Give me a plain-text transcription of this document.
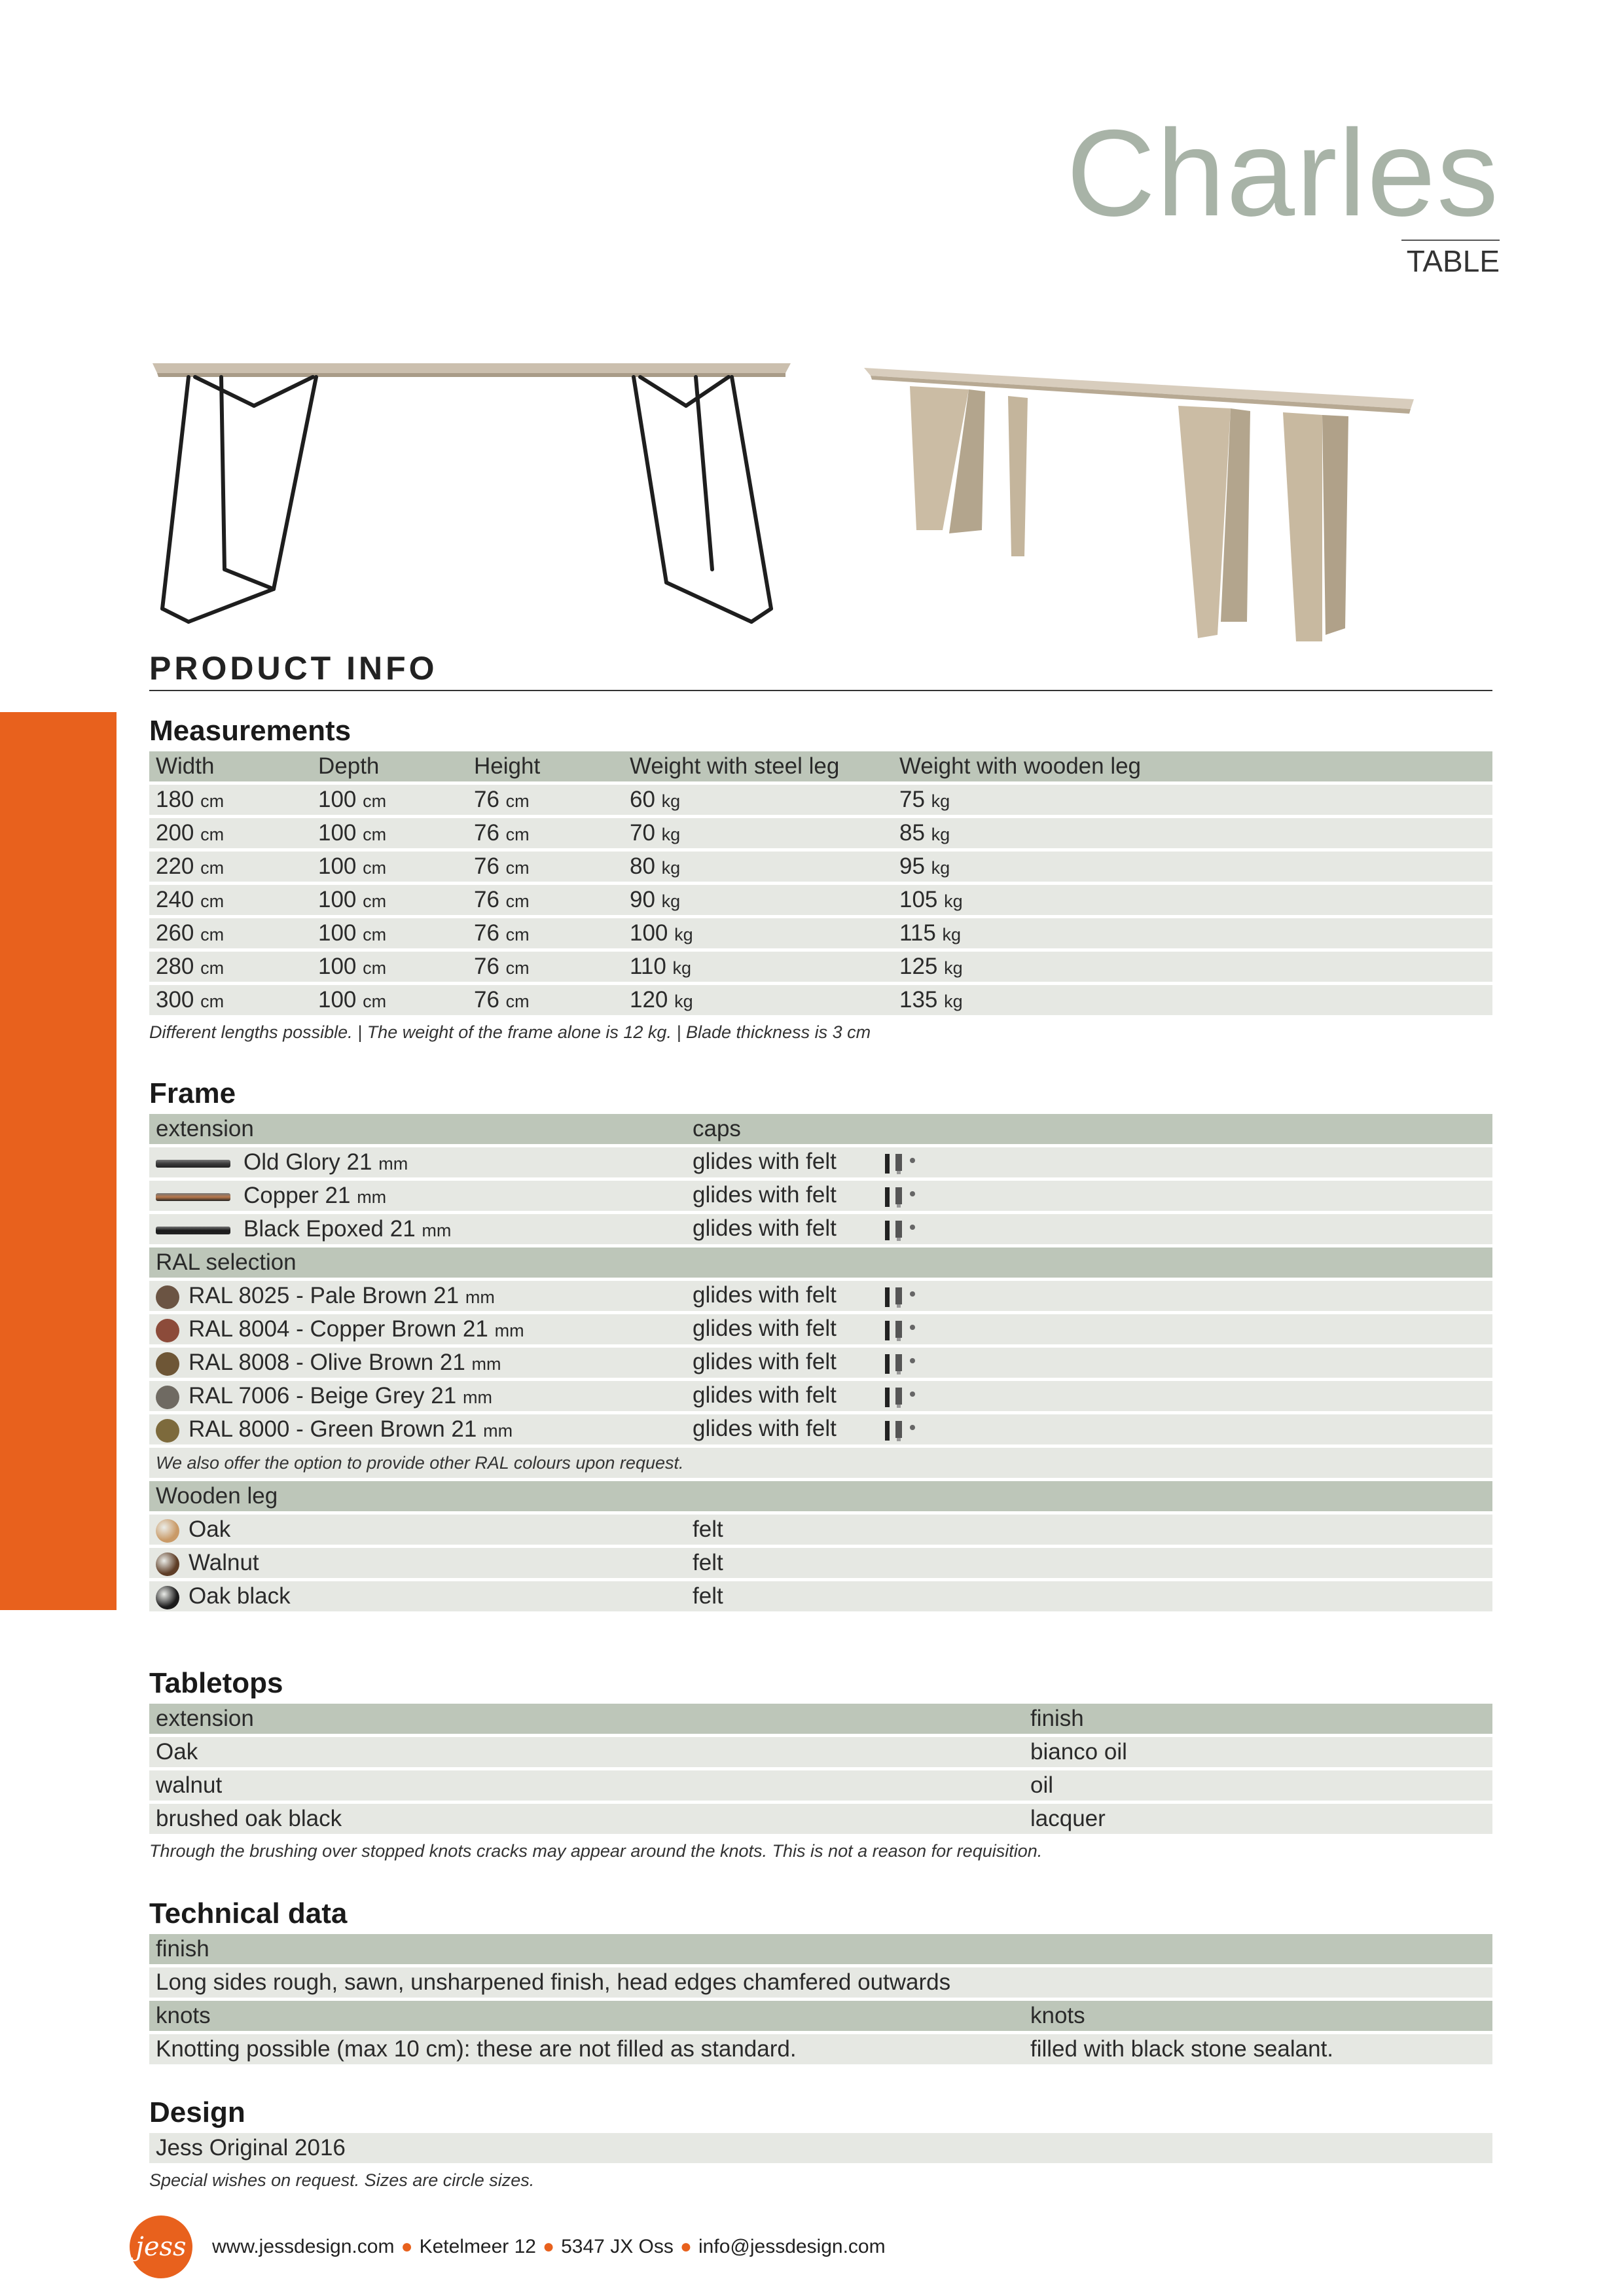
Charles
TABLE
PRODUCT INFO
Measurements
Width	Depth	Height	Weight with steel leg	Weight with wooden leg
180 cm	100 cm	76 cm	60 kg	75 kg
200 cm	100 cm	76 cm	70 kg	85 kg
220 cm	100 cm	76 cm	80 kg	95 kg
240 cm	100 cm	76 cm	90 kg	105 kg
260 cm	100 cm	76 cm	100 kg	115 kg
280 cm	100 cm	76 cm	110 kg	125 kg
300 cm	100 cm	76 cm	120 kg	135 kg
Different lengths possible. | The weight of the frame alone is 12 kg. | Blade thickness is 3 cm
Frame
extension	caps
Old Glory 21 mm	glides with felt
Copper 21 mm	glides with felt
Black Epoxed 21 mm	glides with felt
RAL selection
RAL 8025 - Pale Brown 21 mm	glides with felt
RAL 8004 - Copper Brown 21 mm	glides with felt
RAL 8008 - Olive Brown 21 mm	glides with felt
RAL 7006 - Beige Grey 21 mm	glides with felt
RAL 8000 - Green Brown 21 mm	glides with felt
We also offer the option to provide other RAL colours upon request.
Wooden leg
Oak	felt
Walnut	felt
Oak black	felt
Tabletops
extension	finish
Oak	bianco oil
walnut	oil
brushed oak black	lacquer
Through the brushing over stopped knots cracks may appear around the knots. This is not a reason for requisition.
Technical data
finish
Long sides rough, sawn, unsharpened finish, head edges chamfered outwards
knots	knots
Knotting possible (max 10 cm): these are not filled as standard.	filled with black stone sealant.
Design
Jess Original 2016
Special wishes on request. Sizes are circle sizes.
jess	www.jessdesign.com ● Ketelmeer 12 ● 5347 JX Oss ● info@jessdesign.com
